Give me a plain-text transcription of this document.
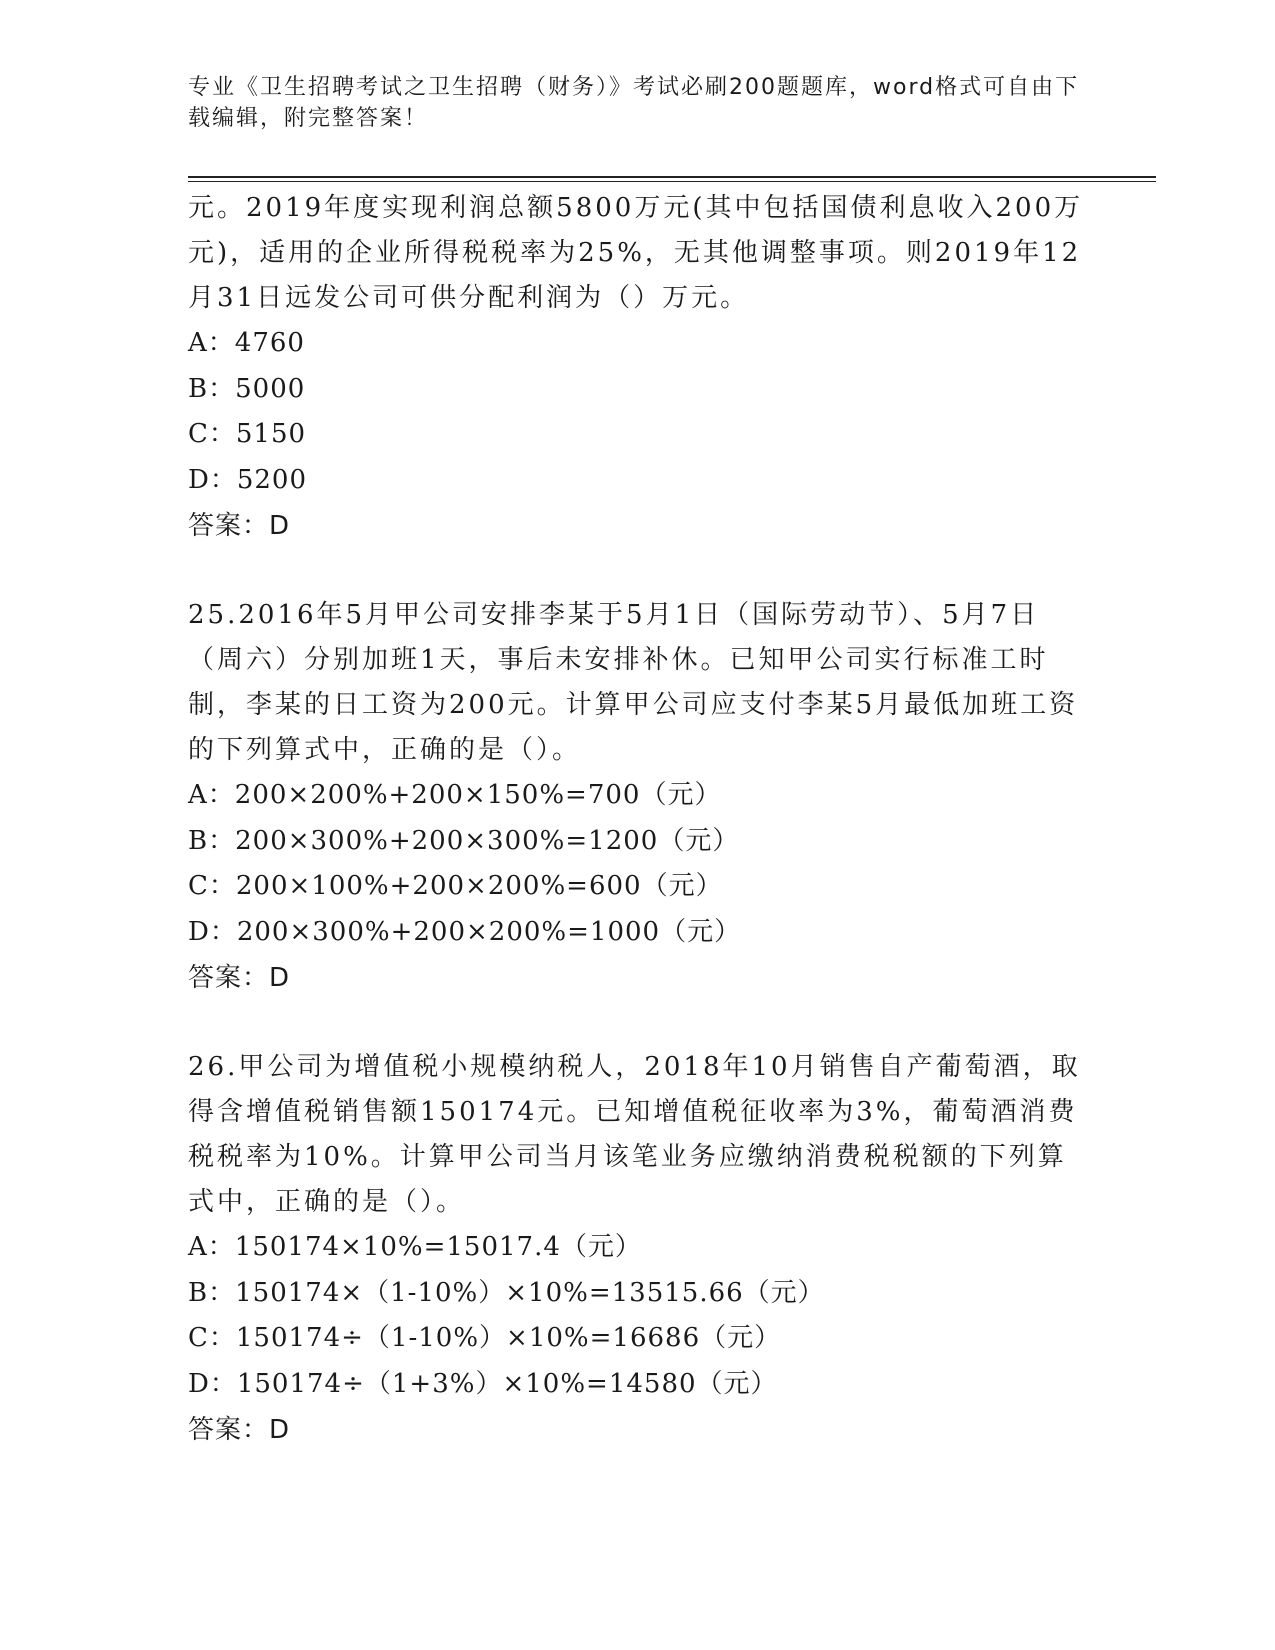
专业《卫生招聘考试之卫生招聘（财务）》考试必刷200题题库，word格式可自由下载编辑，附完整答案！

元。2019年度实现利润总额5800万元(其中包括国债利息收入200万元)，适用的企业所得税税率为25%，无其他调整事项。则2019年12月31日远发公司可供分配利润为（）万元。

A：4760

B：5000

C：5150

D：5200

答案：D

25.2016年5月甲公司安排李某于5月1日（国际劳动节）、5月7日（周六）分别加班1天，事后未安排补休。已知甲公司实行标准工时制，李某的日工资为200元。计算甲公司应支付李某5月最低加班工资的下列算式中，正确的是（）。

A：200×200%+200×150%=700（元）

B：200×300%+200×300%=1200（元）

C：200×100%+200×200%=600（元）

D：200×300%+200×200%=1000（元）

答案：D

26.甲公司为增值税小规模纳税人，2018年10月销售自产葡萄酒，取得含增值税销售额150174元。已知增值税征收率为3%，葡萄酒消费税税率为10%。计算甲公司当月该笔业务应缴纳消费税税额的下列算式中，正确的是（）。

A：150174×10%=15017.4（元）

B：150174×（1-10%）×10%=13515.66（元）

C：150174÷（1-10%）×10%=16686（元）

D：150174÷（1+3%）×10%=14580（元）

答案：D
